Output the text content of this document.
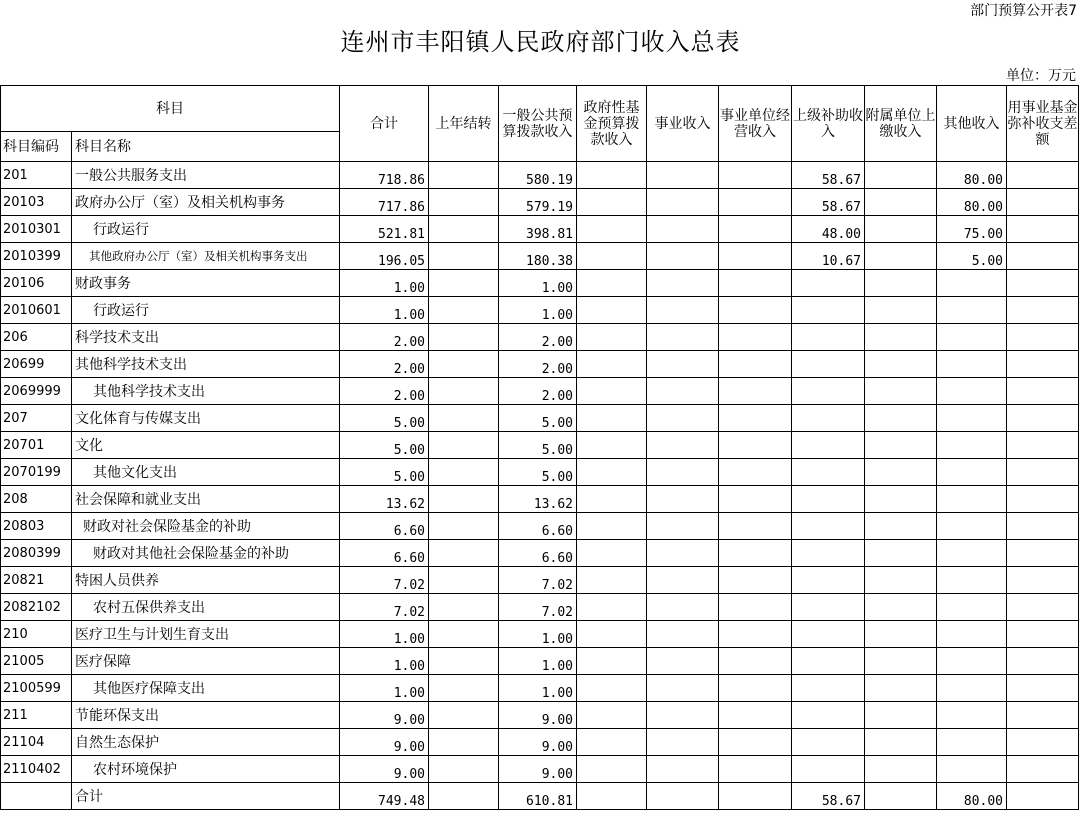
部门预算公开表7
连州市丰阳镇人民政府部门收入总表
单位：万元
科目		合计	上年结转	一般公共预算拨款收入	政府性基金预算拨款收入	事业收入	事业单位经营收入	上级补助收入	附属单位上缴收入	其他收入	用事业基金弥补收支差额
科目编码	科目名称										
201	一般公共服务支出	718.86		580.19				58.67		80.00	
20103	政府办公厅（室）及相关机构事务	717.86		579.19				58.67		80.00	
2010301	行政运行	521.81		398.81				48.00		75.00	
2010399	其他政府办公厅（室）及相关机构事务支出	196.05		180.38				10.67		5.00	
20106	财政事务	1.00		1.00							
2010601	行政运行	1.00		1.00							
206	科学技术支出	2.00		2.00							
20699	其他科学技术支出	2.00		2.00							
2069999	其他科学技术支出	2.00		2.00							
207	文化体育与传媒支出	5.00		5.00							
20701	文化	5.00		5.00							
2070199	其他文化支出	5.00		5.00							
208	社会保障和就业支出	13.62		13.62							
20803	财政对社会保险基金的补助	6.60		6.60							
2080399	财政对其他社会保险基金的补助	6.60		6.60							
20821	特困人员供养	7.02		7.02							
2082102	农村五保供养支出	7.02		7.02							
210	医疗卫生与计划生育支出	1.00		1.00							
21005	医疗保障	1.00		1.00							
2100599	其他医疗保障支出	1.00		1.00							
211	节能环保支出	9.00		9.00							
21104	自然生态保护	9.00		9.00							
2110402	农村环境保护	9.00		9.00							
	合计	749.48		610.81				58.67		80.00	
